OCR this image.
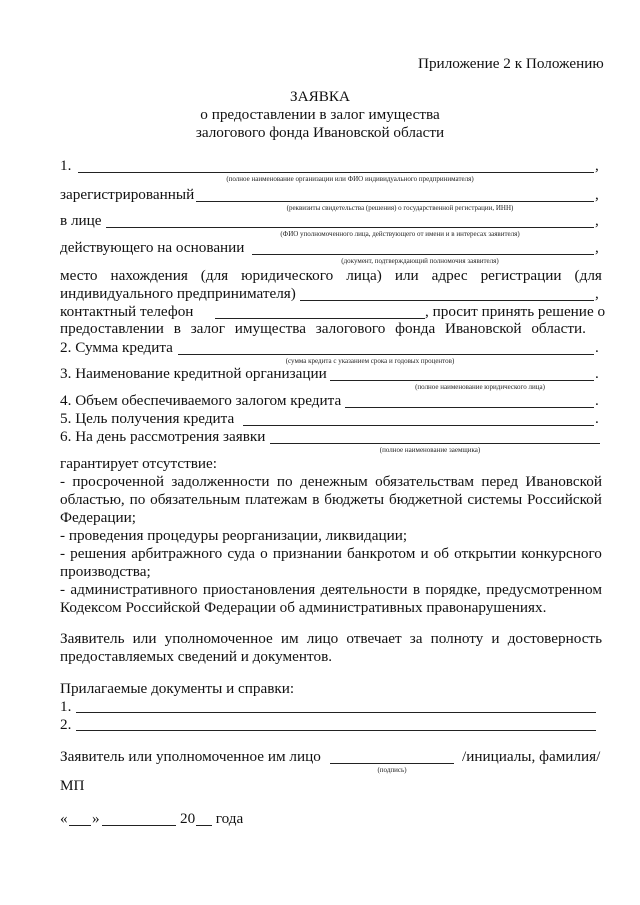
Приложение 2 к Положению
ЗАЯВКА
о предоставлении в залог имущества
залогового фонда Ивановской области
1.	,
(полное наименование организации или ФИО индивидуального предпринимателя)
зарегистрированный	,
(реквизиты свидетельства (решения) о государственной регистрации, ИНН)
в лице	,
(ФИО уполномоченного лица, действующего от имени и в интересах заявителя)
действующего на основании	,
(документ, подтверждающий полномочия заявителя)
место нахождения (для юридического лица) или адрес регистрации (для
индивидуального предпринимателя)	,
контактный телефон	, просит принять решение о
предоставлении в залог имущества залогового фонда Ивановской области.
2. Сумма кредита	.
(сумма кредита с указанием срока и годовых процентов)
3. Наименование кредитной организации	.
(полное наименование юридического лица)
4. Объем обеспечиваемого залогом кредита	.
5. Цель получения кредита	.
6. На день рассмотрения заявки
(полное наименование заемщика)
гарантирует отсутствие:
- просроченной задолженности по денежным обязательствам перед Ивановской
областью, по обязательным платежам в бюджеты бюджетной системы Российской
Федерации;
- проведения процедуры реорганизации, ликвидации;
- решения арбитражного суда о признании банкротом и об открытии конкурсного
производства;
- административного приостановления деятельности в порядке, предусмотренном
Кодексом Российской Федерации об административных правонарушениях.
Заявитель или уполномоченное им лицо отвечает за полноту и достоверность
предоставляемых сведений и документов.
Прилагаемые документы и справки:
1.
2.
Заявитель или уполномоченное им лицо	/инициалы, фамилия/
(подпись)
МП
« »	20 года
